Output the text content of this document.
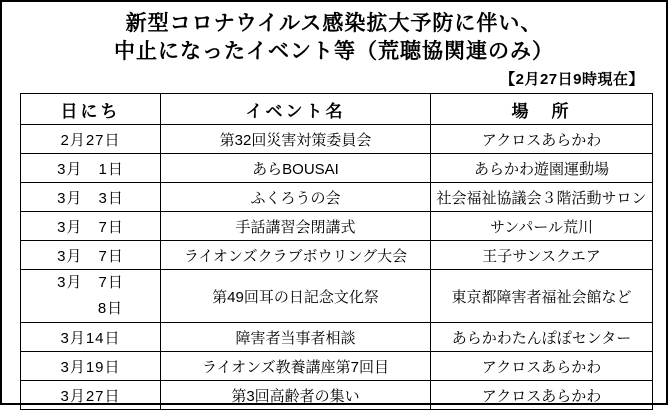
新型コロナウイルス感染拡大予防に伴い、
中止になったイベント等（荒聴協関連のみ）
【2月27日9時現在】
日にち	イベント名	場　所
2月27日	第32回災害対策委員会	アクロスあらかわ
3月　1日	あらBOUSAI	あらかわ遊園運動場
3月　3日	ふくろうの会	社会福祉協議会３階活動サロン
3月　7日	手話講習会閉講式	サンパール荒川
3月　7日	ライオンズクラブボウリング大会	王子サンスクエア

3月　7日
8日	第49回耳の日記念文化祭	東京都障害者福祉会館など
3月14日	障害者当事者相談	あらかわたんぽぽセンター
3月19日	ライオンズ教養講座第7回目	アクロスあらかわ
3月27日	第3回高齢者の集い	アクロスあらかわ
